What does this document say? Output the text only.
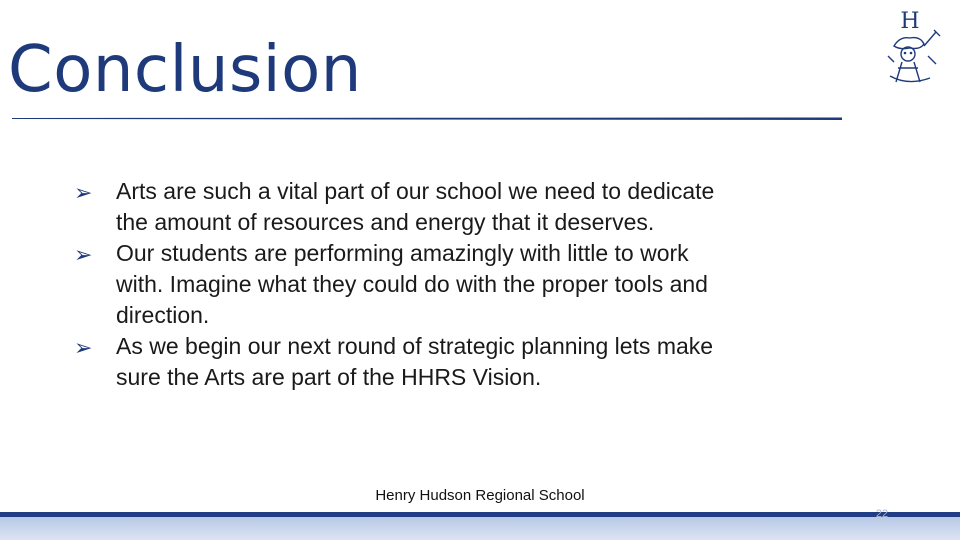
Conclusion
H
➢ Arts are such a vital part of our school we need to dedicate the amount of resources and energy that it deserves.
➢ Our students are performing amazingly with little to work with. Imagine what they could do with the proper tools and direction.
➢ As we begin our next round of strategic planning lets make sure the Arts are part of the HHRS Vision.
Henry Hudson Regional School
22
